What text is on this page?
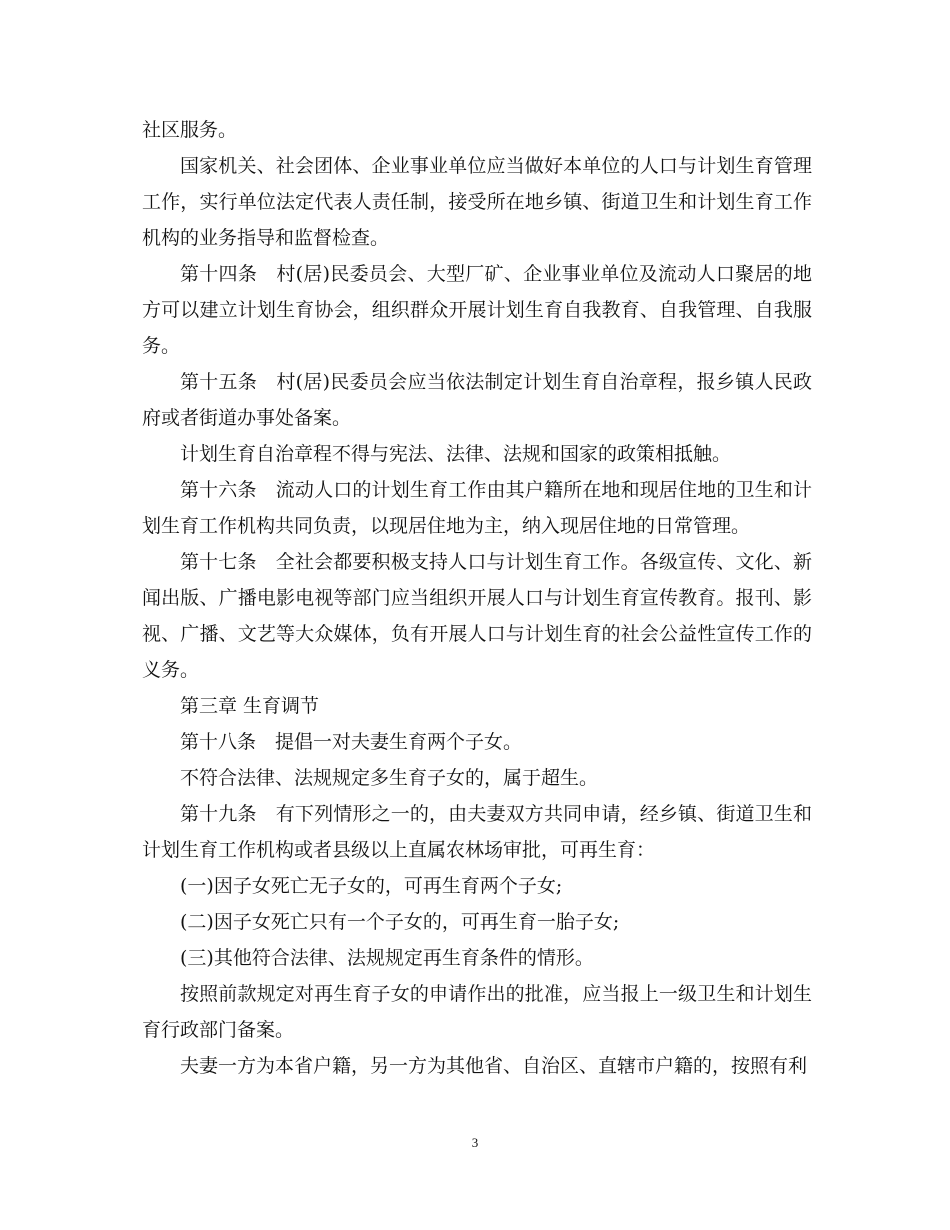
社区服务。

国家机关、社会团体、企业事业单位应当做好本单位的人口与计划生育管理工作，实行单位法定代表人责任制，接受所在地乡镇、街道卫生和计划生育工作机构的业务指导和监督检查。

第十四条　村(居)民委员会、大型厂矿、企业事业单位及流动人口聚居的地方可以建立计划生育协会，组织群众开展计划生育自我教育、自我管理、自我服务。

第十五条　村(居)民委员会应当依法制定计划生育自治章程，报乡镇人民政府或者街道办事处备案。

计划生育自治章程不得与宪法、法律、法规和国家的政策相抵触。

第十六条　流动人口的计划生育工作由其户籍所在地和现居住地的卫生和计划生育工作机构共同负责，以现居住地为主，纳入现居住地的日常管理。

第十七条　全社会都要积极支持人口与计划生育工作。各级宣传、文化、新闻出版、广播电影电视等部门应当组织开展人口与计划生育宣传教育。报刊、影视、广播、文艺等大众媒体，负有开展人口与计划生育的社会公益性宣传工作的义务。

第三章 生育调节

第十八条　提倡一对夫妻生育两个子女。

不符合法律、法规规定多生育子女的，属于超生。

第十九条　有下列情形之一的，由夫妻双方共同申请，经乡镇、街道卫生和计划生育工作机构或者县级以上直属农林场审批，可再生育：

(一)因子女死亡无子女的，可再生育两个子女;

(二)因子女死亡只有一个子女的，可再生育一胎子女;

(三)其他符合法律、法规规定再生育条件的情形。

按照前款规定对再生育子女的申请作出的批准，应当报上一级卫生和计划生育行政部门备案。

夫妻一方为本省户籍，另一方为其他省、自治区、直辖市户籍的，按照有利

3
